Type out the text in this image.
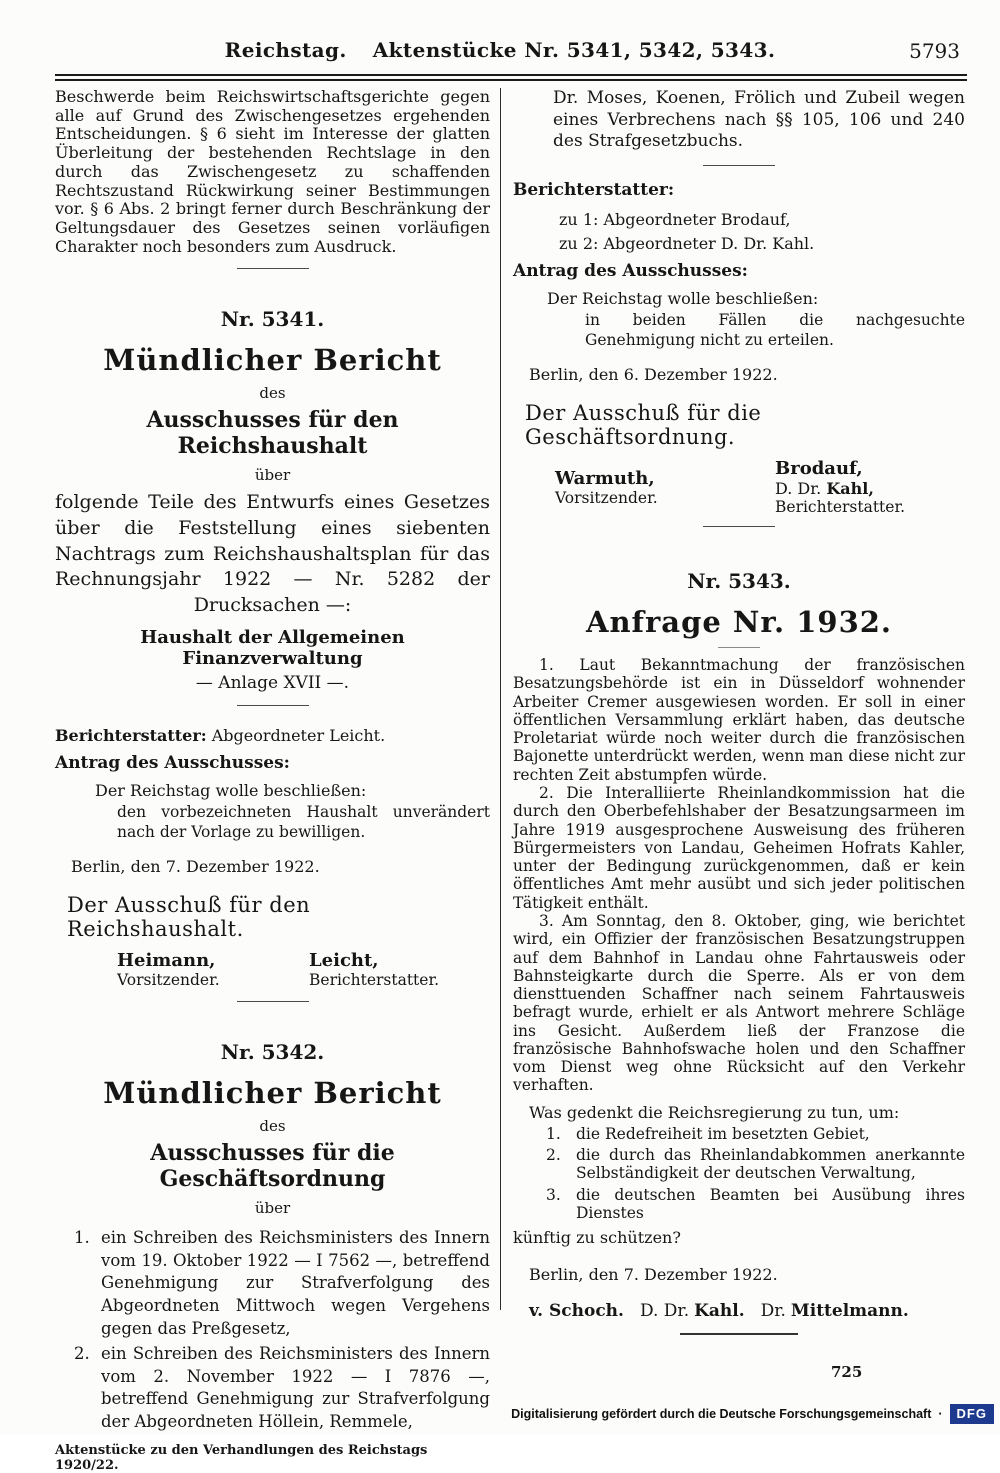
Reichstag. Aktenstücke Nr. 5341, 5342, 5343.	5793

Beschwerde beim Reichswirtschaftsgerichte gegen alle auf Grund des Zwischengesetzes ergehenden Entscheidungen. § 6 sieht im Interesse der glatten Überleitung der bestehenden Rechtslage in den durch das Zwischengesetz zu schaffenden Rechtszustand Rückwirkung seiner Bestimmungen vor. § 6 Abs. 2 bringt ferner durch Beschränkung der Geltungsdauer des Gesetzes seinen vorläufigen Charakter noch besonders zum Ausdruck.

Nr. 5341.

Mündlicher Bericht

des

Ausschusses für den Reichshaushalt

über

folgende Teile des Entwurfs eines Gesetzes über die Feststellung eines siebenten Nachtrags zum Reichshaushaltsplan für das Rechnungsjahr 1922 — Nr. 5282 der Drucksachen —:

Haushalt der Allgemeinen Finanzverwaltung

— Anlage XVII —.

Berichterstatter: Abgeordneter Leicht.

Antrag des Ausschusses:

Der Reichstag wolle beschließen:

den vorbezeichneten Haushalt unverändert nach der Vorlage zu bewilligen.

Berlin, den 7. Dezember 1922.

Der Ausschuß für den Reichshaushalt.

Heimann,
Vorsitzender.
Leicht,
Berichterstatter.

Nr. 5342.

Mündlicher Bericht

des

Ausschusses für die Geschäftsordnung

über

1. ein Schreiben des Reichsministers des Innern vom 19. Oktober 1922 — I 7562 —, betreffend Genehmigung zur Strafverfolgung des Abgeordneten Mittwoch wegen Vergehens gegen das Preßgesetz,
2. ein Schreiben des Reichsministers des Innern vom 2. November 1922 — I 7876 —, betreffend Genehmigung zur Strafverfolgung der Abgeordneten Höllein, Remmele,

Aktenstücke zu den Verhandlungen des Reichstags 1920/22.

Dr. Moses, Koenen, Frölich und Zubeil wegen eines Verbrechens nach §§ 105, 106 und 240 des Strafgesetzbuchs.

Berichterstatter:

zu 1: Abgeordneter Brodauf,

zu 2: Abgeordneter D. Dr. Kahl.

Antrag des Ausschusses:

Der Reichstag wolle beschließen:

in beiden Fällen die nachgesuchte Genehmigung nicht zu erteilen.

Berlin, den 6. Dezember 1922.

Der Ausschuß für die Geschäftsordnung.

Warmuth,
Vorsitzender.
Brodauf,
D. Dr. Kahl,
Berichterstatter.

Nr. 5343.

Anfrage Nr. 1932.

1. Laut Bekanntmachung der französischen Besatzungsbehörde ist ein in Düsseldorf wohnender Arbeiter Cremer ausgewiesen worden. Er soll in einer öffentlichen Versammlung erklärt haben, das deutsche Proletariat würde noch weiter durch die französischen Bajonette unterdrückt werden, wenn man diese nicht zur rechten Zeit abstumpfen würde.

2. Die Interalliierte Rheinlandkommission hat die durch den Oberbefehlshaber der Besatzungsarmeen im Jahre 1919 ausgesprochene Ausweisung des früheren Bürgermeisters von Landau, Geheimen Hofrats Kahler, unter der Bedingung zurückgenommen, daß er kein öffentliches Amt mehr ausübt und sich jeder politischen Tätigkeit enthält.

3. Am Sonntag, den 8. Oktober, ging, wie berichtet wird, ein Offizier der französischen Besatzungstruppen auf dem Bahnhof in Landau ohne Fahrtausweis oder Bahnsteigkarte durch die Sperre. Als er von dem diensttuenden Schaffner nach seinem Fahrtausweis befragt wurde, erhielt er als Antwort mehrere Schläge ins Gesicht. Außerdem ließ der Franzose die französische Bahnhofswache holen und den Schaffner vom Dienst weg ohne Rücksicht auf den Verkehr verhaften.

Was gedenkt die Reichsregierung zu tun, um:

1. die Redefreiheit im besetzten Gebiet,
2. die durch das Rheinlandabkommen anerkannte Selbständigkeit der deutschen Verwaltung,
3. die deutschen Beamten bei Ausübung ihres Dienstes

künftig zu schützen?

Berlin, den 7. Dezember 1922.

v. Schoch. D. Dr. Kahl. Dr. Mittelmann.

725

Digitalisierung gefördert durch die Deutsche Forschungsgemeinschaft ·	DFG
